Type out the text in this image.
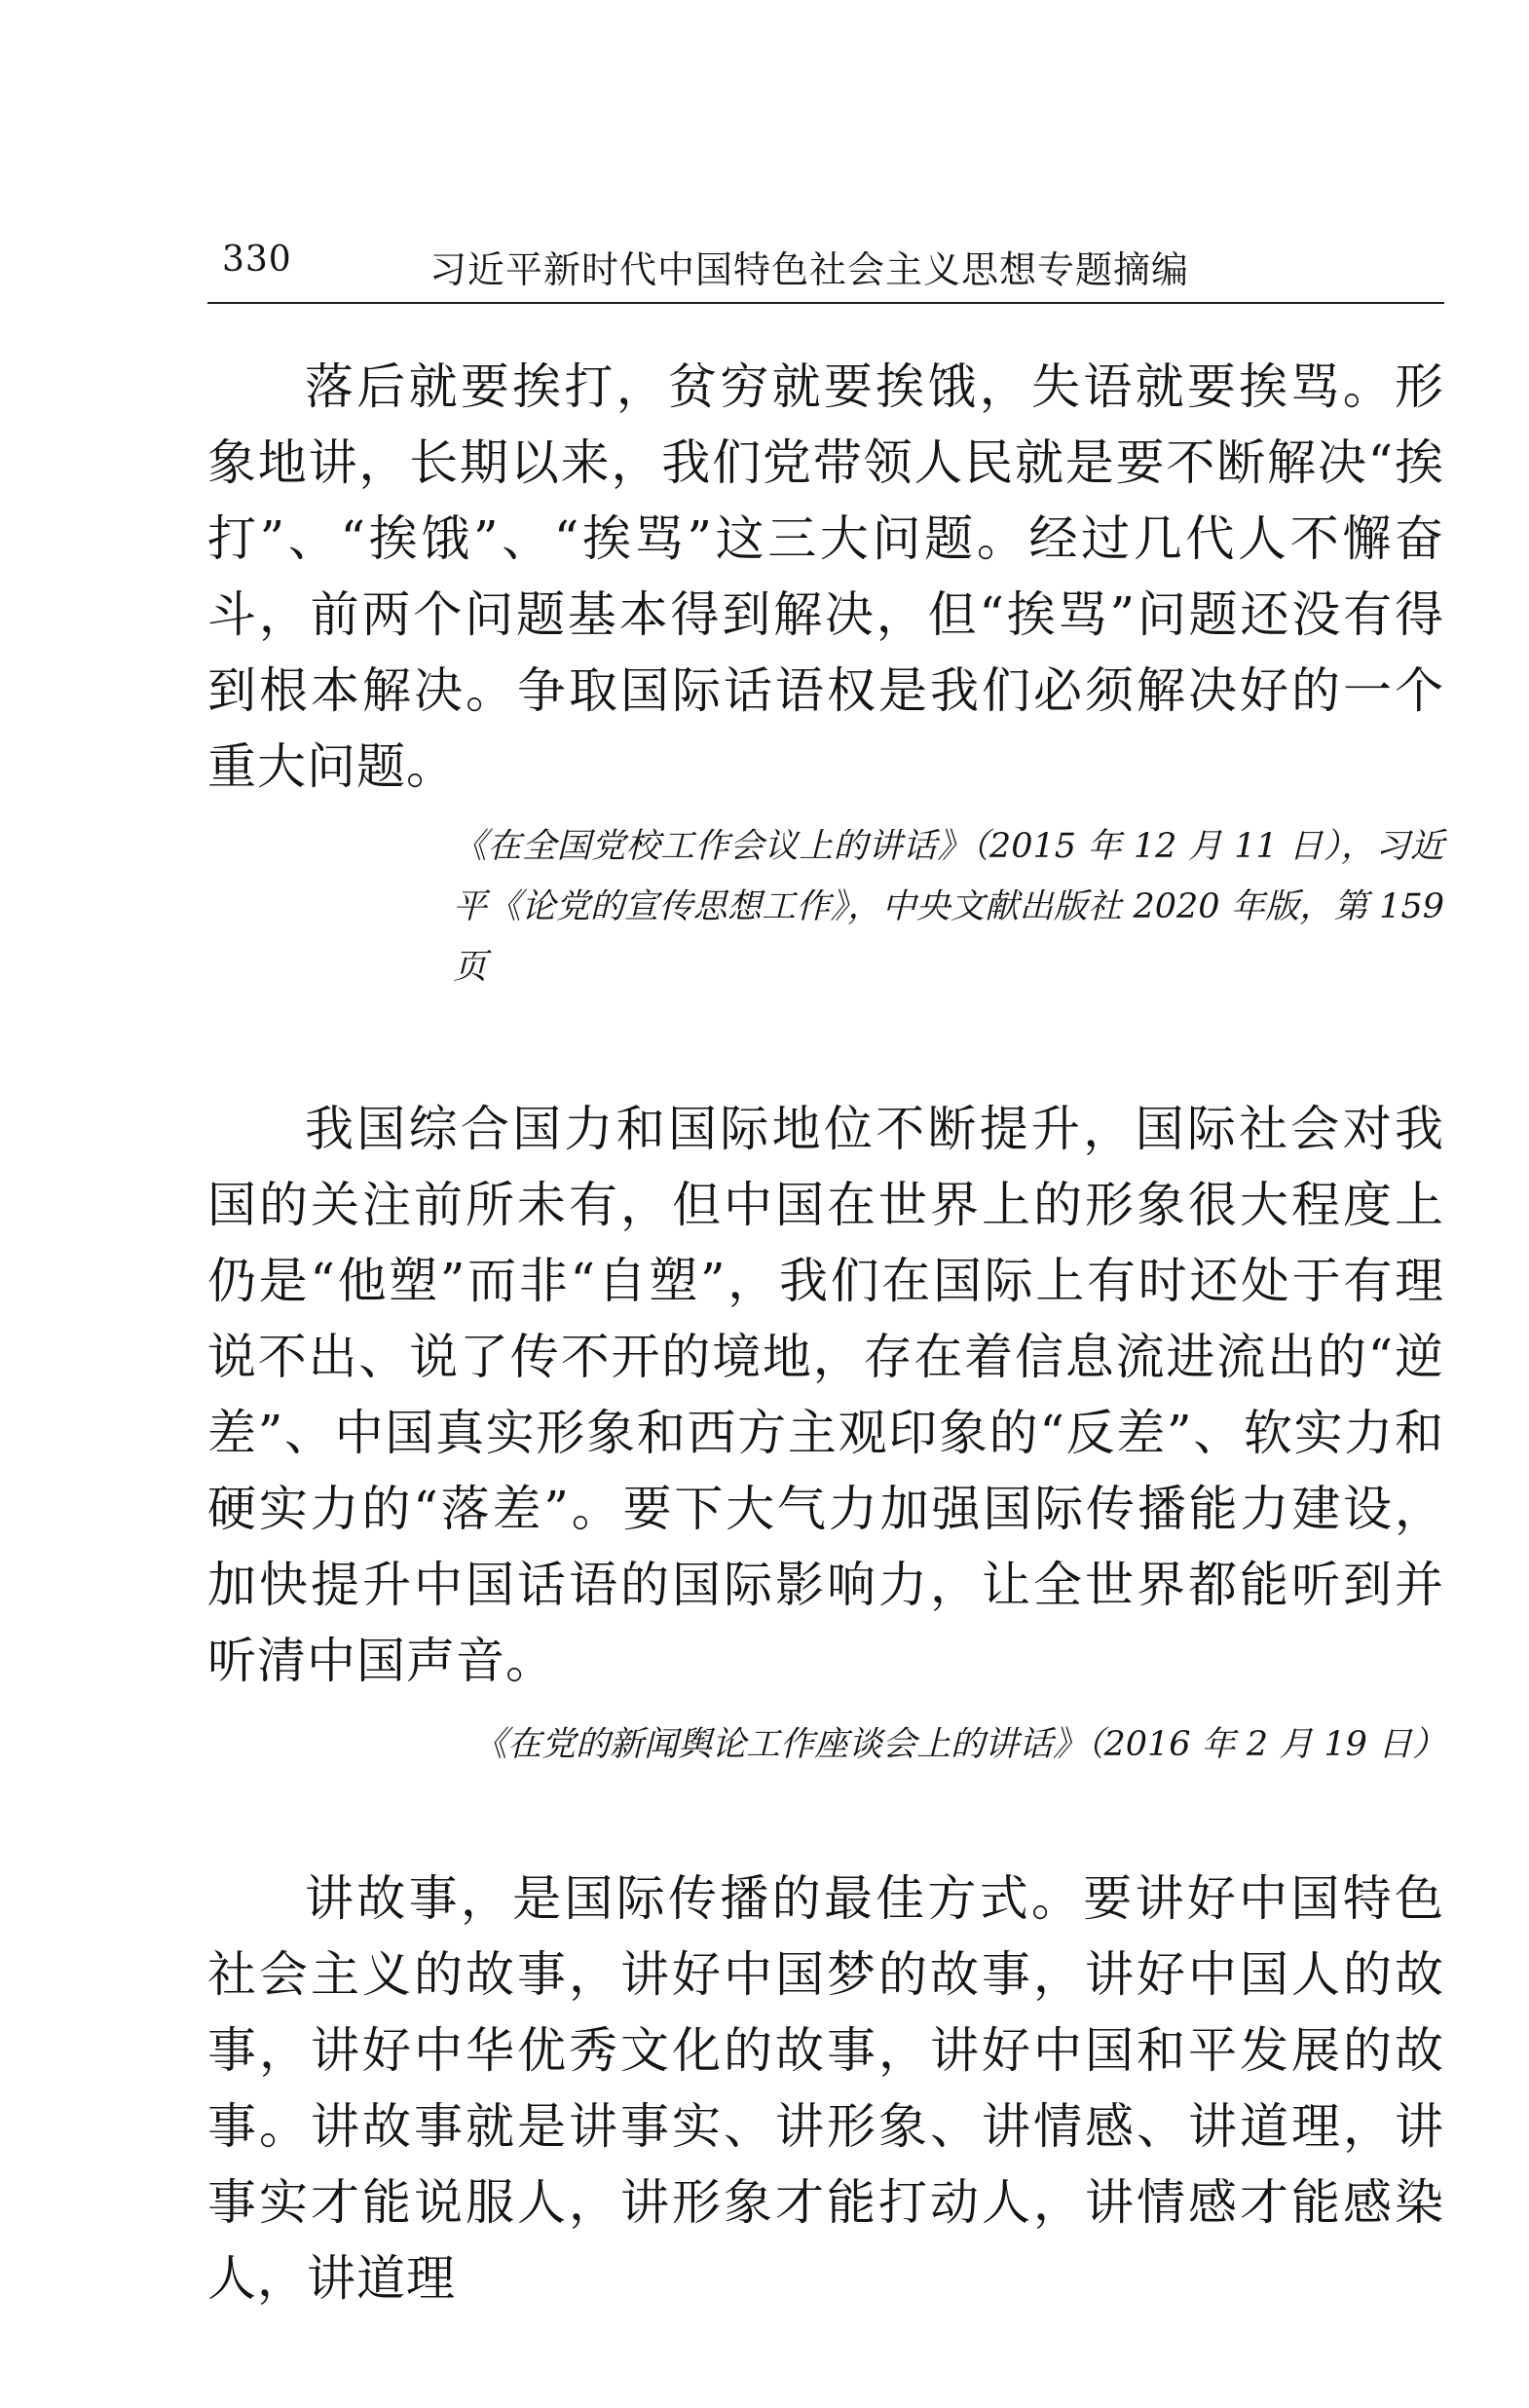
330	习近平新时代中国特色社会主义思想专题摘编
落后就要挨打，贫穷就要挨饿，失语就要挨骂。形象地讲，长期以来，我们党带领人民就是要不断解决“挨打”、“挨饿”、“挨骂”这三大问题。经过几代人不懈奋斗，前两个问题基本得到解决，但“挨骂”问题还没有得到根本解决。争取国际话语权是我们必须解决好的一个重大问题。
《在全国党校工作会议上的讲话》（2015 年 12 月 11 日），习近平《论党的宣传思想工作》，中央文献出版社 2020 年版，第 159 页
我国综合国力和国际地位不断提升，国际社会对我国的关注前所未有，但中国在世界上的形象很大程度上仍是“他塑”而非“自塑”，我们在国际上有时还处于有理说不出、说了传不开的境地，存在着信息流进流出的“逆差”、中国真实形象和西方主观印象的“反差”、软实力和硬实力的“落差”。要下大气力加强国际传播能力建设，加快提升中国话语的国际影响力，让全世界都能听到并听清中国声音。
《在党的新闻舆论工作座谈会上的讲话》（2016 年 2 月 19 日）
讲故事，是国际传播的最佳方式。要讲好中国特色社会主义的故事，讲好中国梦的故事，讲好中国人的故事，讲好中华优秀文化的故事，讲好中国和平发展的故事。讲故事就是讲事实、讲形象、讲情感、讲道理，讲事实才能说服人，讲形象才能打动人，讲情感才能感染人，讲道理
